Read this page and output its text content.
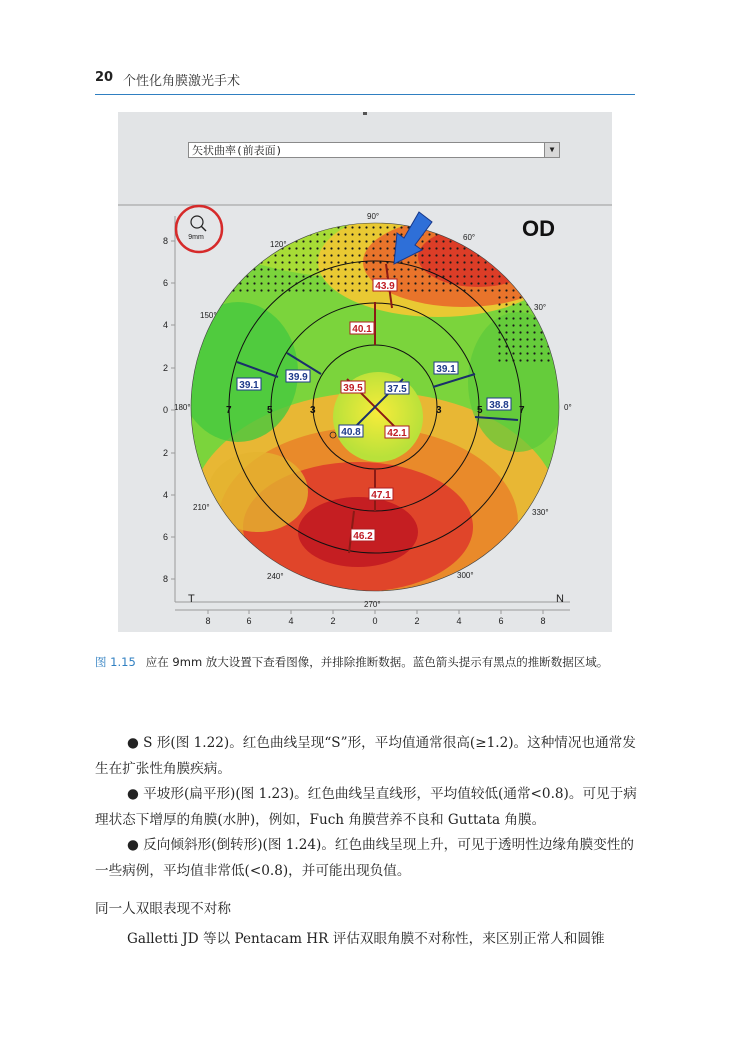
20 个性化角膜激光手术
43.9
40.1
39.5
42.1
47.1
46.2
39.1
39.9
37.5
39.1
38.8
40.8
7	5	3	3	5	7
90°
60°
30°
0°
330°
300°
270°
240°
210°
180°
150°
120°
8
6
4
2
0
2
4
6
8
8	6	4	2	0	2	4	6	8
T	N
OD
9mm
矢状曲率(前表面)	▼
图 1.15 应在 9mm 放大设置下查看图像，并排除推断数据。蓝色箭头提示有黑点的推断数据区域。
● S 形(图 1.22)。红色曲线呈现“S”形，平均值通常很高(≥1.2)。这种情况也通常发生在扩张性角膜疾病。
● 平坡形(扁平形)(图 1.23)。红色曲线呈直线形，平均值较低(通常<0.8)。可见于病理状态下增厚的角膜(水肿)，例如，Fuch 角膜营养不良和 Guttata 角膜。
● 反向倾斜形(倒转形)(图 1.24)。红色曲线呈现上升，可见于透明性边缘角膜变性的一些病例，平均值非常低(<0.8)，并可能出现负值。
同一人双眼表现不对称
Galletti JD 等以 Pentacam HR 评估双眼角膜不对称性，来区别正常人和圆锥
